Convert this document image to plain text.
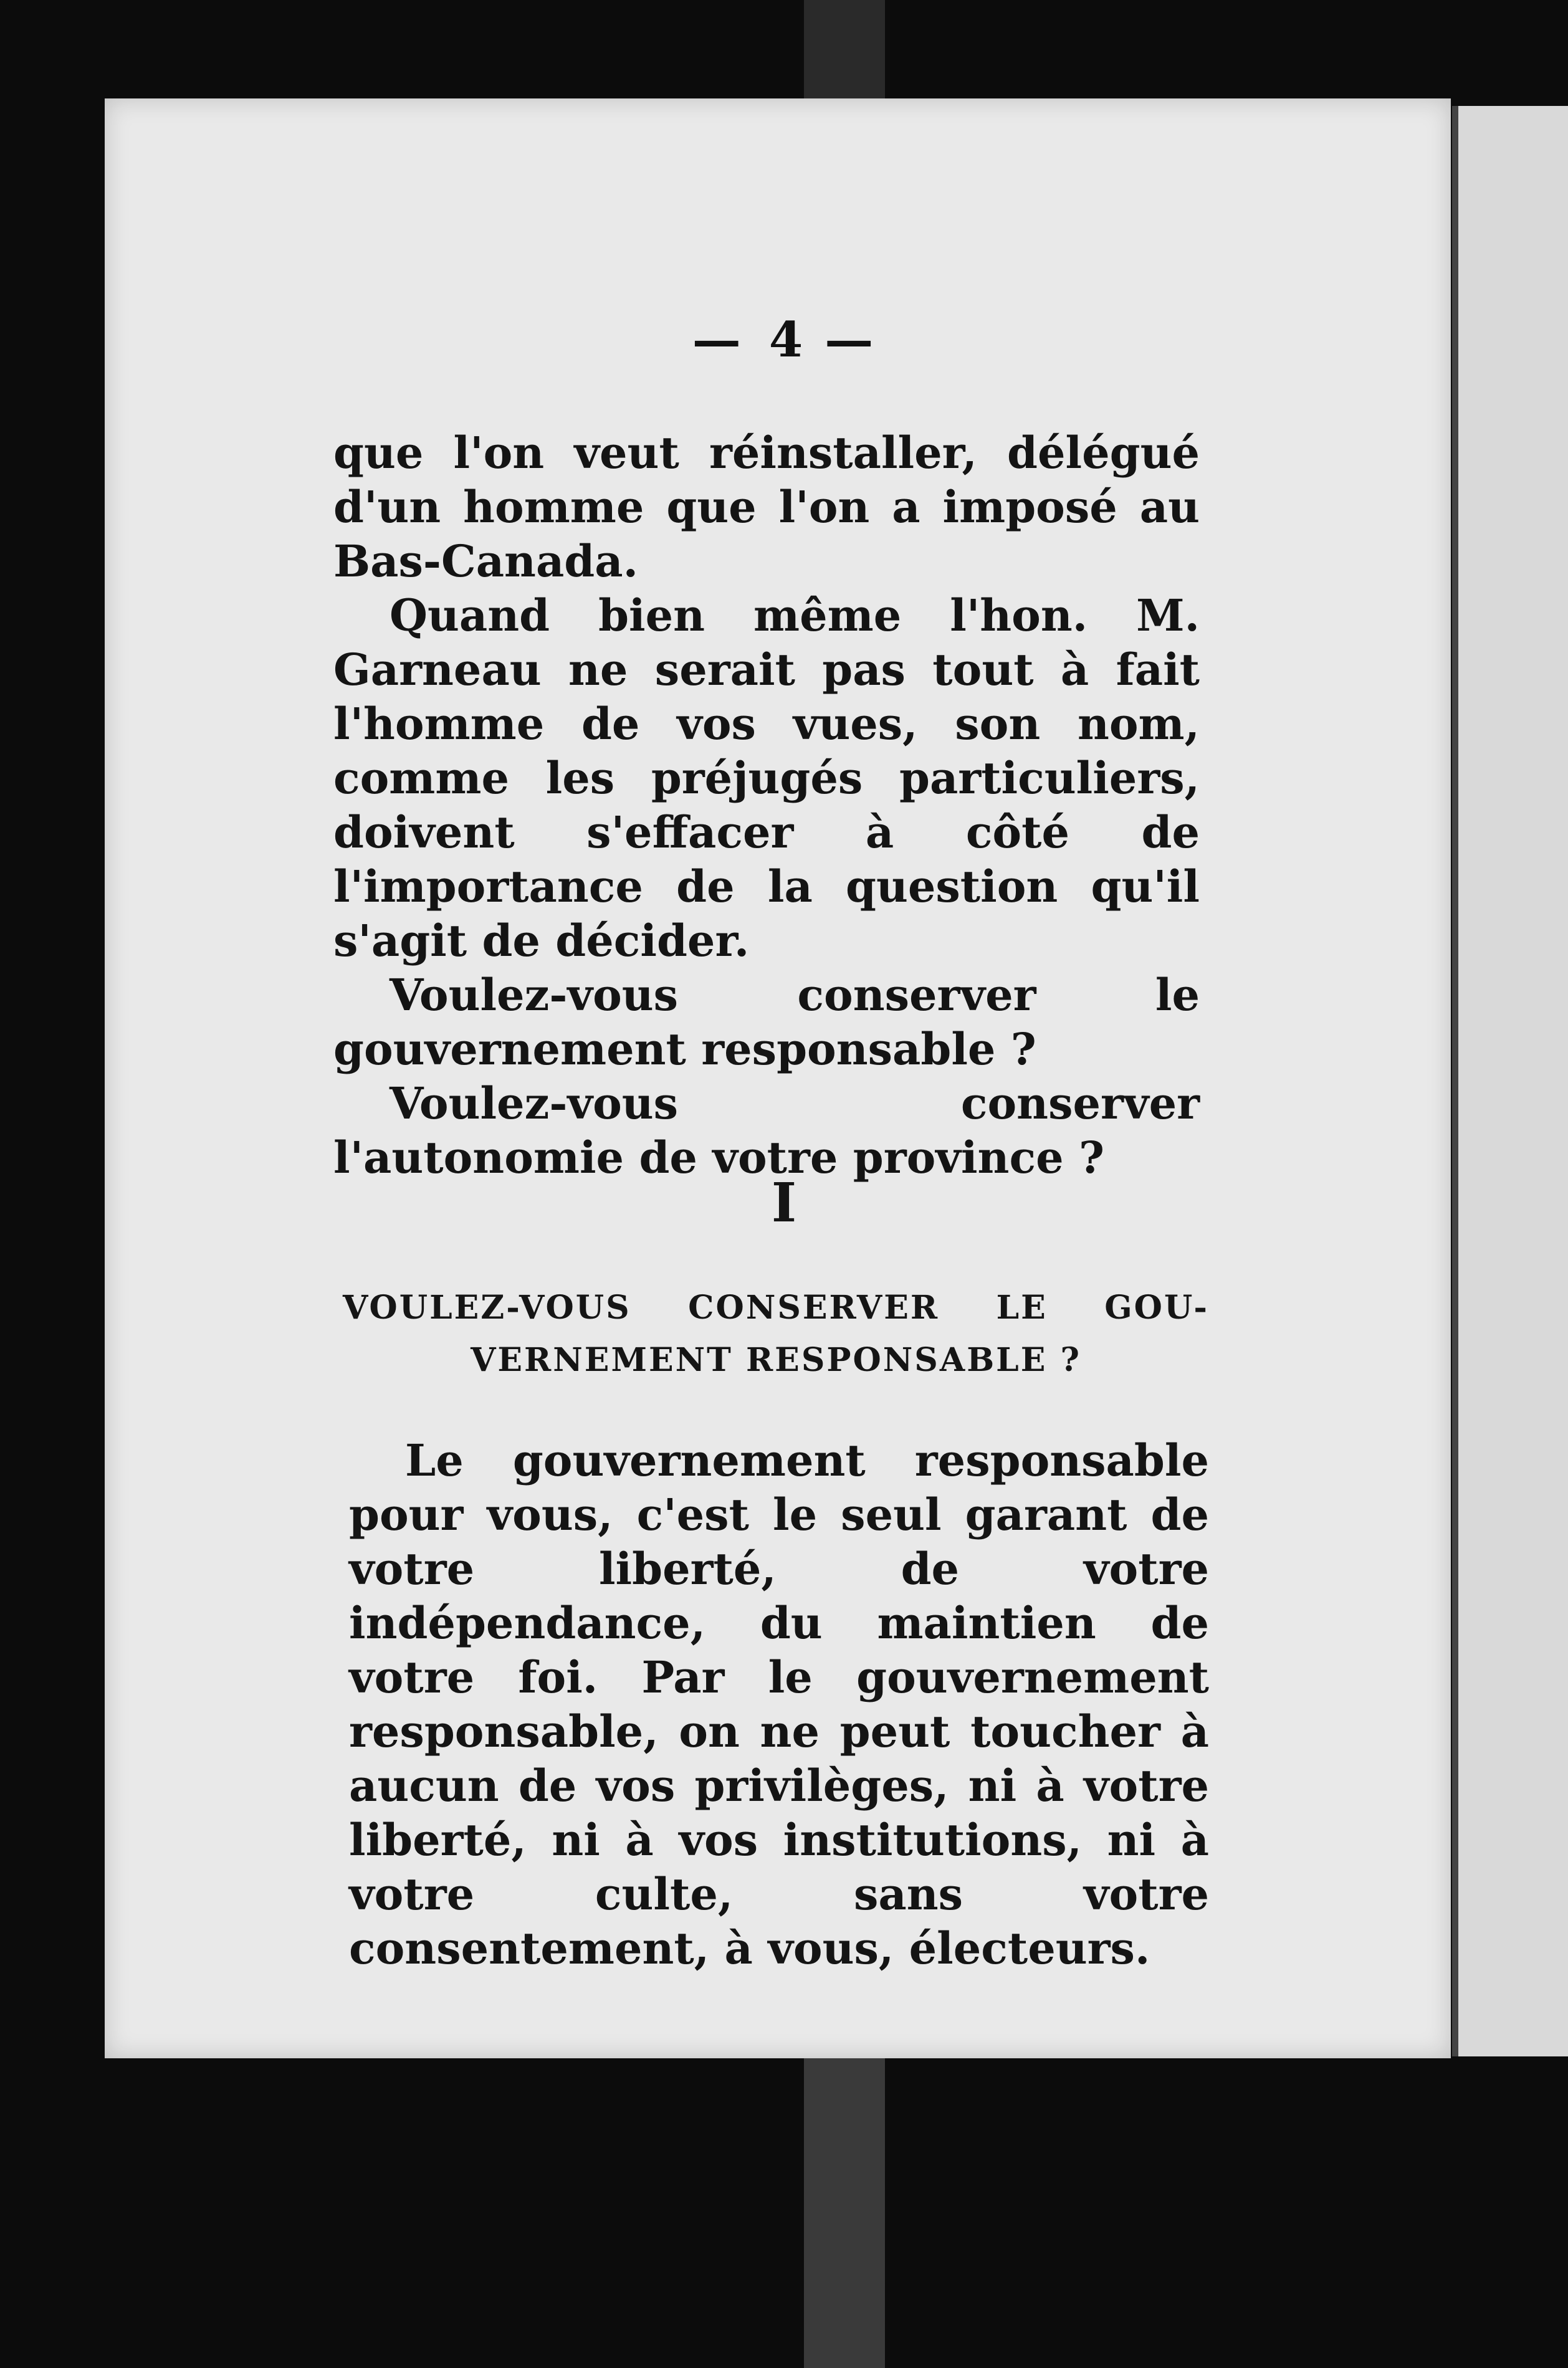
— 4 —

que l'on veut réinstaller, délégué d'un homme que l'on a imposé au Bas-Canada.

Quand bien même l'hon. M. Garneau ne serait pas tout à fait l'homme de vos vues, son nom, comme les préjugés particuliers, doivent s'effacer à côté de l'importance de la question qu'il s'agit de décider.

Voulez-vous conserver le gouvernement responsable ?

Voulez-vous conserver l'autonomie de votre province ?

I
VOULEZ-VOUS CONSERVER LE GOU-
VERNEMENT RESPONSABLE ?

Le gouvernement responsable pour vous, c'est le seul garant de votre liberté, de votre indépendance, du maintien de votre foi. Par le gouvernement responsable, on ne peut toucher à aucun de vos privilèges, ni à votre liberté, ni à vos institutions, ni à votre culte, sans votre consentement, à vous, électeurs.
